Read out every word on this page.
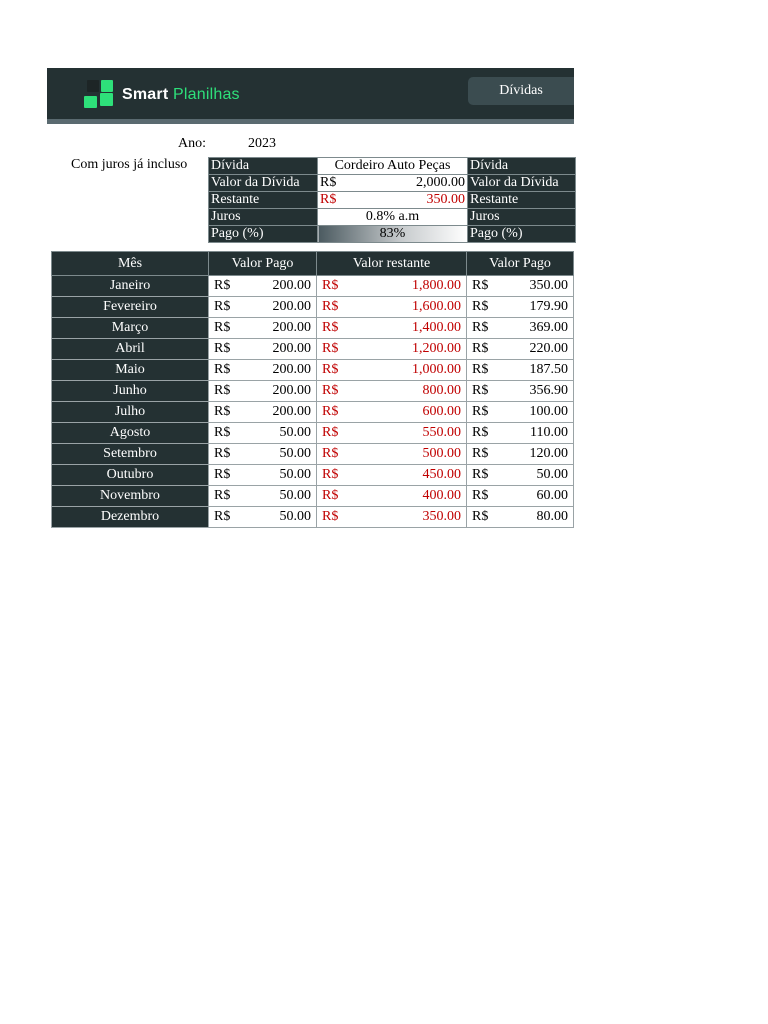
Smart Planilhas	Dívidas
Ano:	2023
Com juros já incluso Dívida	Cordeiro Auto Peças	Dívida
Valor da Dívida	R$ 2,000.00	Valor da Dívida
Restante	R$ 350.00	Restante
Juros	0.8% a.m	Juros
Pago (%)	83%	Pago (%)
Mês	Valor Pago	Valor restante	Valor Pago
Janeiro	R$ 200.00	R$ 1,800.00	R$ 350.00

Fevereiro	R$ 200.00	R$ 1,600.00	R$ 179.90

Março	R$ 200.00	R$ 1,400.00	R$ 369.00

Abril	R$ 200.00	R$ 1,200.00	R$ 220.00

Maio	R$ 200.00	R$ 1,000.00	R$ 187.50

Junho	R$ 200.00	R$ 800.00	R$ 356.90

Julho	R$ 200.00	R$ 600.00	R$ 100.00

Agosto	R$ 50.00	R$ 550.00	R$ 110.00

Setembro	R$ 50.00	R$ 500.00	R$ 120.00

Outubro	R$ 50.00	R$ 450.00	R$ 50.00

Novembro	R$ 50.00	R$ 400.00	R$ 60.00

Dezembro	R$ 50.00	R$ 350.00	R$ 80.00
